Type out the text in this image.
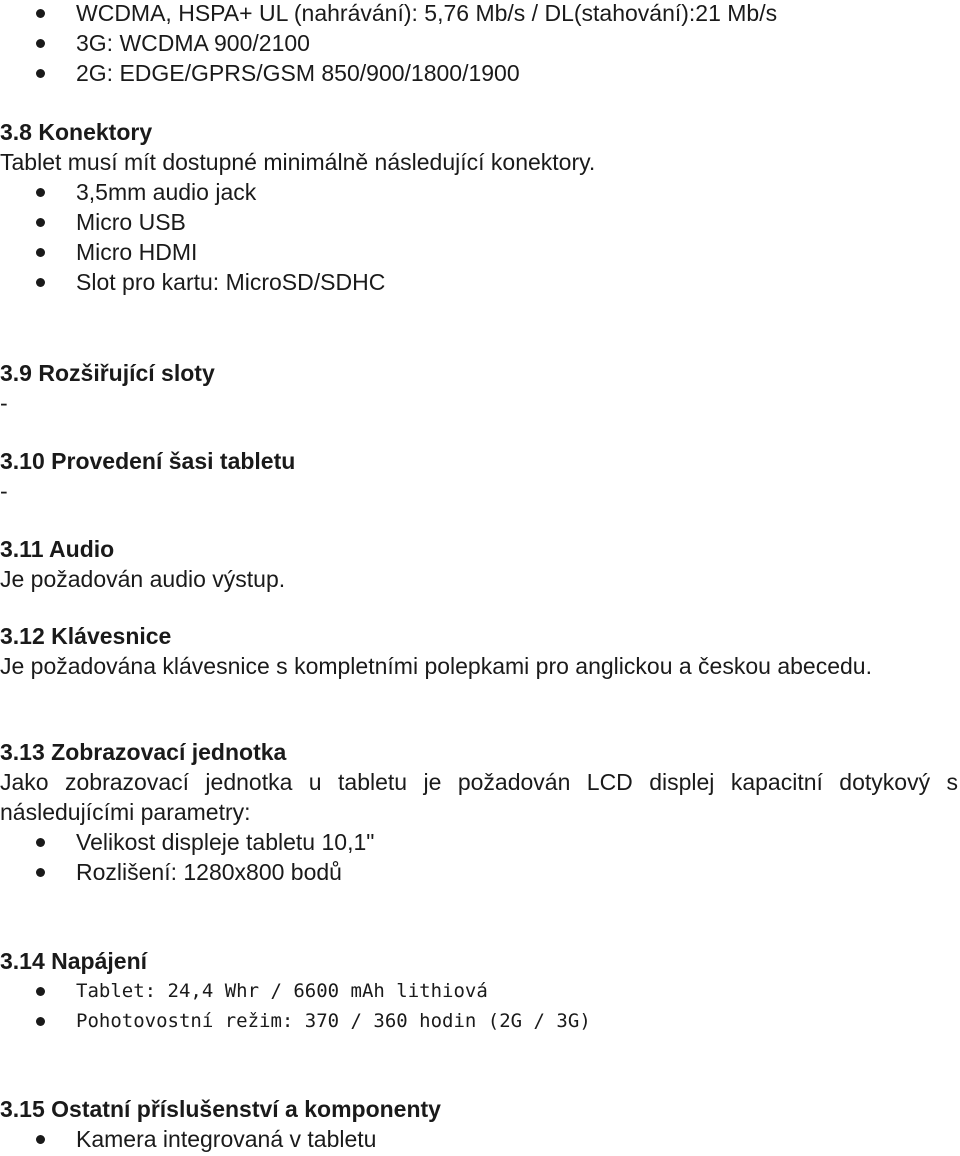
WCDMA, HSPA+ UL (nahrávání): 5,76 Mb/s / DL(stahování):21 Mb/s
3G: WCDMA 900/2100
2G: EDGE/GPRS/GSM 850/900/1800/1900
3.8 Konektory
Tablet musí mít dostupné minimálně následující konektory.
3,5mm audio jack
Micro USB
Micro HDMI
Slot pro kartu: MicroSD/SDHC
3.9 Rozšiřující sloty
-
3.10 Provedení šasi tabletu
-
3.11 Audio
Je požadován audio výstup.
3.12 Klávesnice
Je požadována klávesnice s kompletními polepkami pro anglickou a českou abecedu.
3.13 Zobrazovací jednotka
Jako zobrazovací jednotka u tabletu je požadován LCD displej kapacitní dotykový s následujícími parametry:
Velikost displeje tabletu 10,1"
Rozlišení: 1280x800 bodů
3.14 Napájení
Tablet: 24,4 Whr / 6600 mAh lithiová
Pohotovostní režim: 370 / 360 hodin (2G / 3G)
3.15 Ostatní příslušenství a komponenty
Kamera integrovaná v tabletu
